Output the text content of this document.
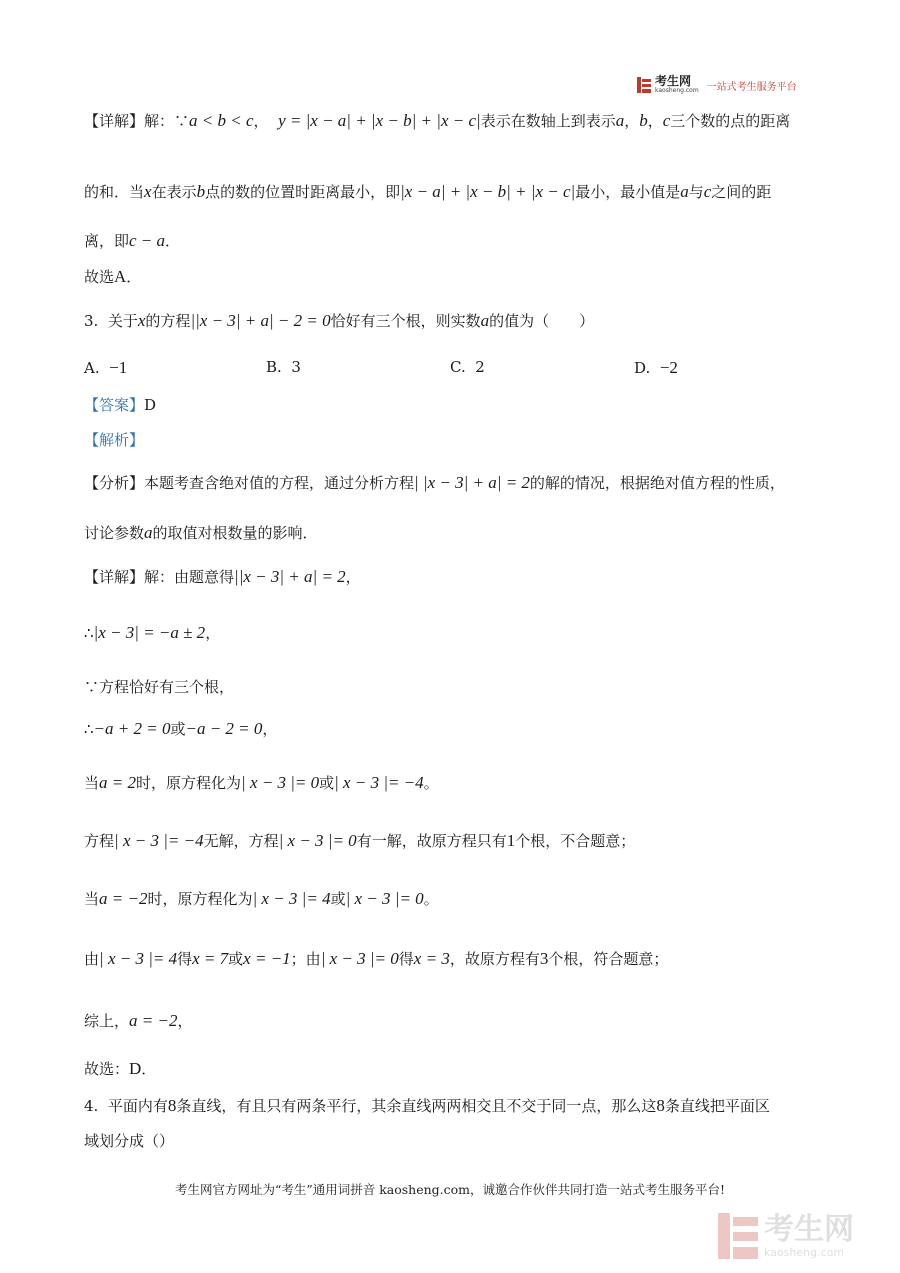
考生网
kaosheng.com 一站式考生服务平台
【详解】解：∵a < b < c， y = |x − a| + |x − b| + |x − c|表示在数轴上到表示a，b，c三个数的点的距离
的和．当x在表示b点的数的位置时距离最小，即|x − a| + |x − b| + |x − c|最小，最小值是a与c之间的距
离，即c − a．
故选A．
3. 关于x的方程||x − 3| + a| − 2 = 0恰好有三个根，则实数a的值为（　　）
A. −1	B. 3	C. 2	D. −2
【答案】D
【解析】
【分析】本题考查含绝对值的方程，通过分析方程| |x − 3| + a| = 2的解的情况，根据绝对值方程的性质，
讨论参数a的取值对根数量的影响．
【详解】解：由题意得||x − 3| + a| = 2，
∴|x − 3| = −a ± 2，
∵方程恰好有三个根，
∴−a + 2 = 0或−a − 2 = 0，
当a = 2时，原方程化为| x − 3 |= 0或| x − 3 |= −4。
方程| x − 3 |= −4无解，方程| x − 3 |= 0有一解，故原方程只有1个根，不合题意；
当a = −2时，原方程化为| x − 3 |= 4或| x − 3 |= 0。
由| x − 3 |= 4得x = 7或x = −1；由| x − 3 |= 0得x = 3，故原方程有3个根，符合题意；
综上，a = −2，
故选：D．
4. 平面内有8条直线，有且只有两条平行，其余直线两两相交且不交于同一点，那么这8条直线把平面区
域划分成（）
考生网官方网址为“考生”通用词拼音 kaosheng.com，诚邀合作伙伴共同打造一站式考生服务平台!
考生网
kaosheng.com
